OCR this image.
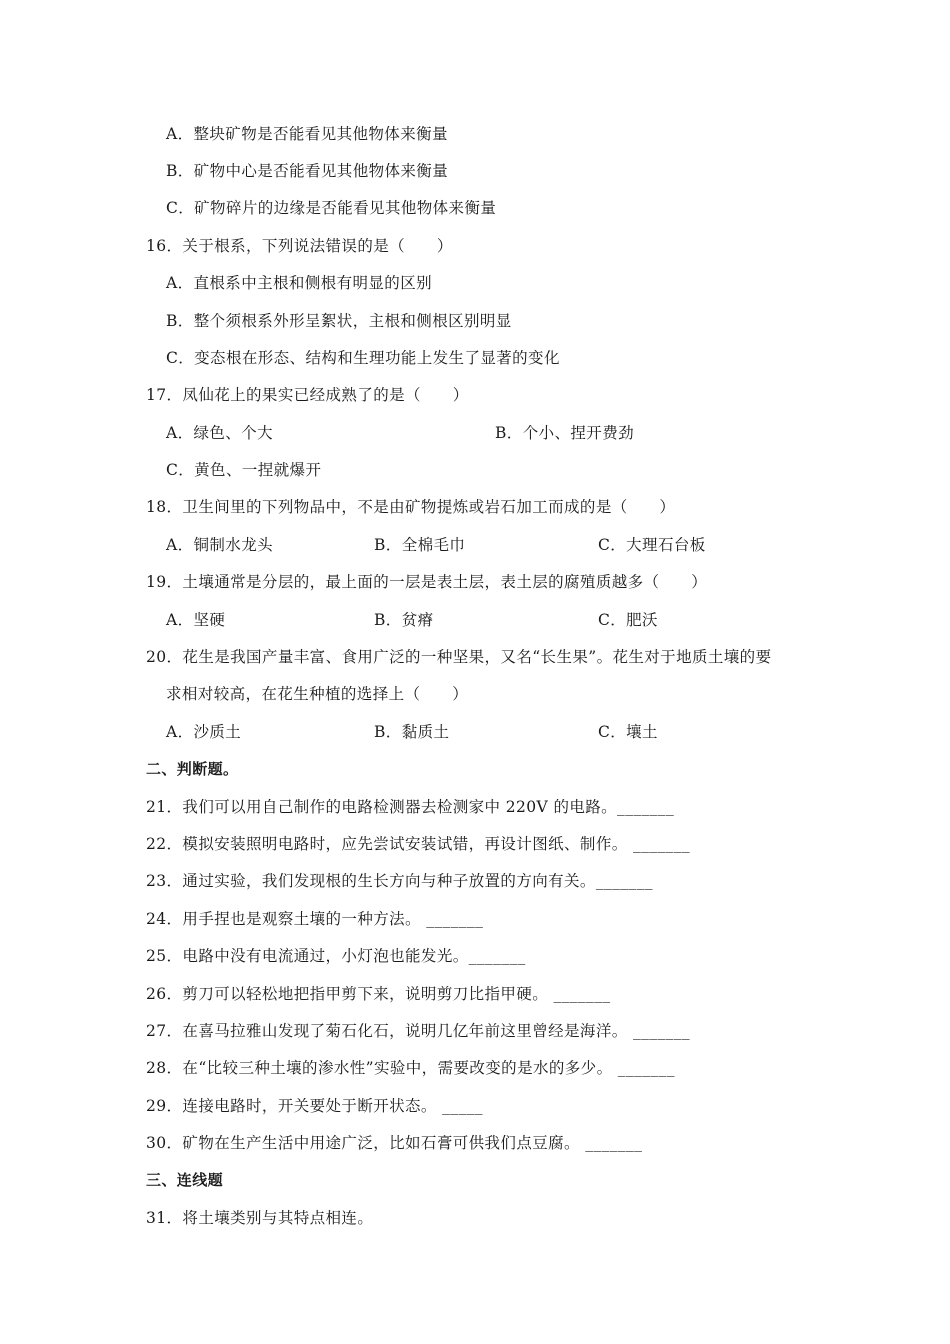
A．整块矿物是否能看见其他物体来衡量
B．矿物中心是否能看见其他物体来衡量
C．矿物碎片的边缘是否能看见其他物体来衡量
16．关于根系，下列说法错误的是（　　）
A．直根系中主根和侧根有明显的区别
B．整个须根系外形呈絮状，主根和侧根区别明显
C．变态根在形态、结构和生理功能上发生了显著的变化
17．凤仙花上的果实已经成熟了的是（　　）
A．绿色、个大	B．个小、捏开费劲
C．黄色、一捏就爆开
18．卫生间里的下列物品中，不是由矿物提炼或岩石加工而成的是（　　）
A．铜制水龙头	B．全棉毛巾	C．大理石台板
19．土壤通常是分层的，最上面的一层是表土层，表土层的腐殖质越多（　　）
A．坚硬	B．贫瘠	C．肥沃
20．花生是我国产量丰富、食用广泛的一种坚果，又名“长生果”。花生对于地质土壤的要
求相对较高，在花生种植的选择上（　　）
A．沙质土	B．黏质土	C．壤土
二、判断题。
21．我们可以用自己制作的电路检测器去检测家中 220V 的电路。_______
22．模拟安装照明电路时，应先尝试安装试错，再设计图纸、制作。 _______
23．通过实验，我们发现根的生长方向与种子放置的方向有关。_______
24．用手捏也是观察土壤的一种方法。 _______
25．电路中没有电流通过，小灯泡也能发光。_______
26．剪刀可以轻松地把指甲剪下来，说明剪刀比指甲硬。 _______
27．在喜马拉雅山发现了菊石化石，说明几亿年前这里曾经是海洋。 _______
28．在“比较三种土壤的渗水性”实验中，需要改变的是水的多少。 _______
29．连接电路时，开关要处于断开状态。 _____
30．矿物在生产生活中用途广泛，比如石膏可供我们点豆腐。 _______
三、连线题
31．将土壤类别与其特点相连。
